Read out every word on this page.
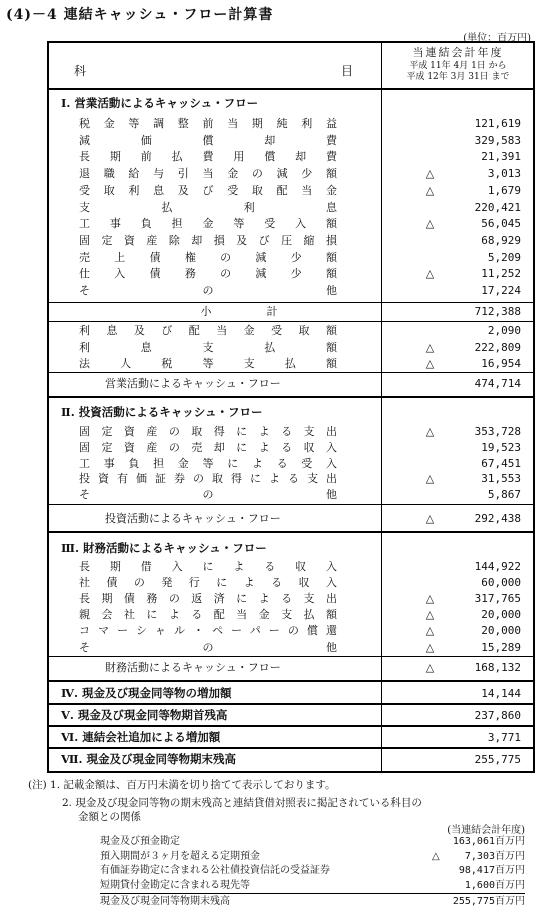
(4)－4 連結キャッシュ・フロー計算書
(単位：百万円)
科	目
当連結会計年度
平成 11年 4月 1日 から
平成 12年 3月 31日 まで
Ⅰ. 営業活動によるキャッシュ・フロー
税金等調整前当期純利益	121,619
減価償却費	329,583
長期前払費用償却費	21,391
退職給与引当金の減少額	△	3,013
受取利息及び受取配当金	△	1,679
支払利息	220,421
工事負担金等受入額	△	56,045
固定資産除却損及び圧縮損	68,929
売上債権の減少額	5,209
仕入債務の減少額	△	11,252
その他	17,224
小　　　　　計	712,388
利息及び配当金受取額	2,090
利息支払額	△	222,809
法人税等支払額	△	16,954
営業活動によるキャッシュ・フロー	474,714
Ⅱ. 投資活動によるキャッシュ・フロー
固定資産の取得による支出	△	353,728
固定資産の売却による収入	19,523
工事負担金等による受入	67,451
投資有価証券の取得による支出	△	31,553
その他	5,867
投資活動によるキャッシュ・フロー	△	292,438
Ⅲ. 財務活動によるキャッシュ・フロー
長期借入による収入	144,922
社債の発行による収入	60,000
長期債務の返済による支出	△	317,765
親会社による配当金支払額	△	20,000
コマーシャル・ペーパーの償還	△	20,000
その他	△	15,289
財務活動によるキャッシュ・フロー	△	168,132
Ⅳ. 現金及び現金同等物の増加額	14,144
Ⅴ. 現金及び現金同等物期首残高	237,860
Ⅵ. 連結会社追加による増加額	3,771
Ⅶ. 現金及び現金同等物期末残高	255,775
(注) 1. 記載金額は、百万円未満を切り捨てて表示しております。
2. 現金及び現金同等物の期末残高と連結貸借対照表に掲記されている科目の
金額との関係
(当連結会計年度)
現金及び預金勘定	163,061 百万円
預入期間が３ヶ月を超える定期預金	△	7,303 百万円
有価証券勘定に含まれる公社債投資信託の受益証券	98,417 百万円
短期貸付金勘定に含まれる現先等	1,600 百万円
現金及び現金同等物期末残高	255,775 百万円
